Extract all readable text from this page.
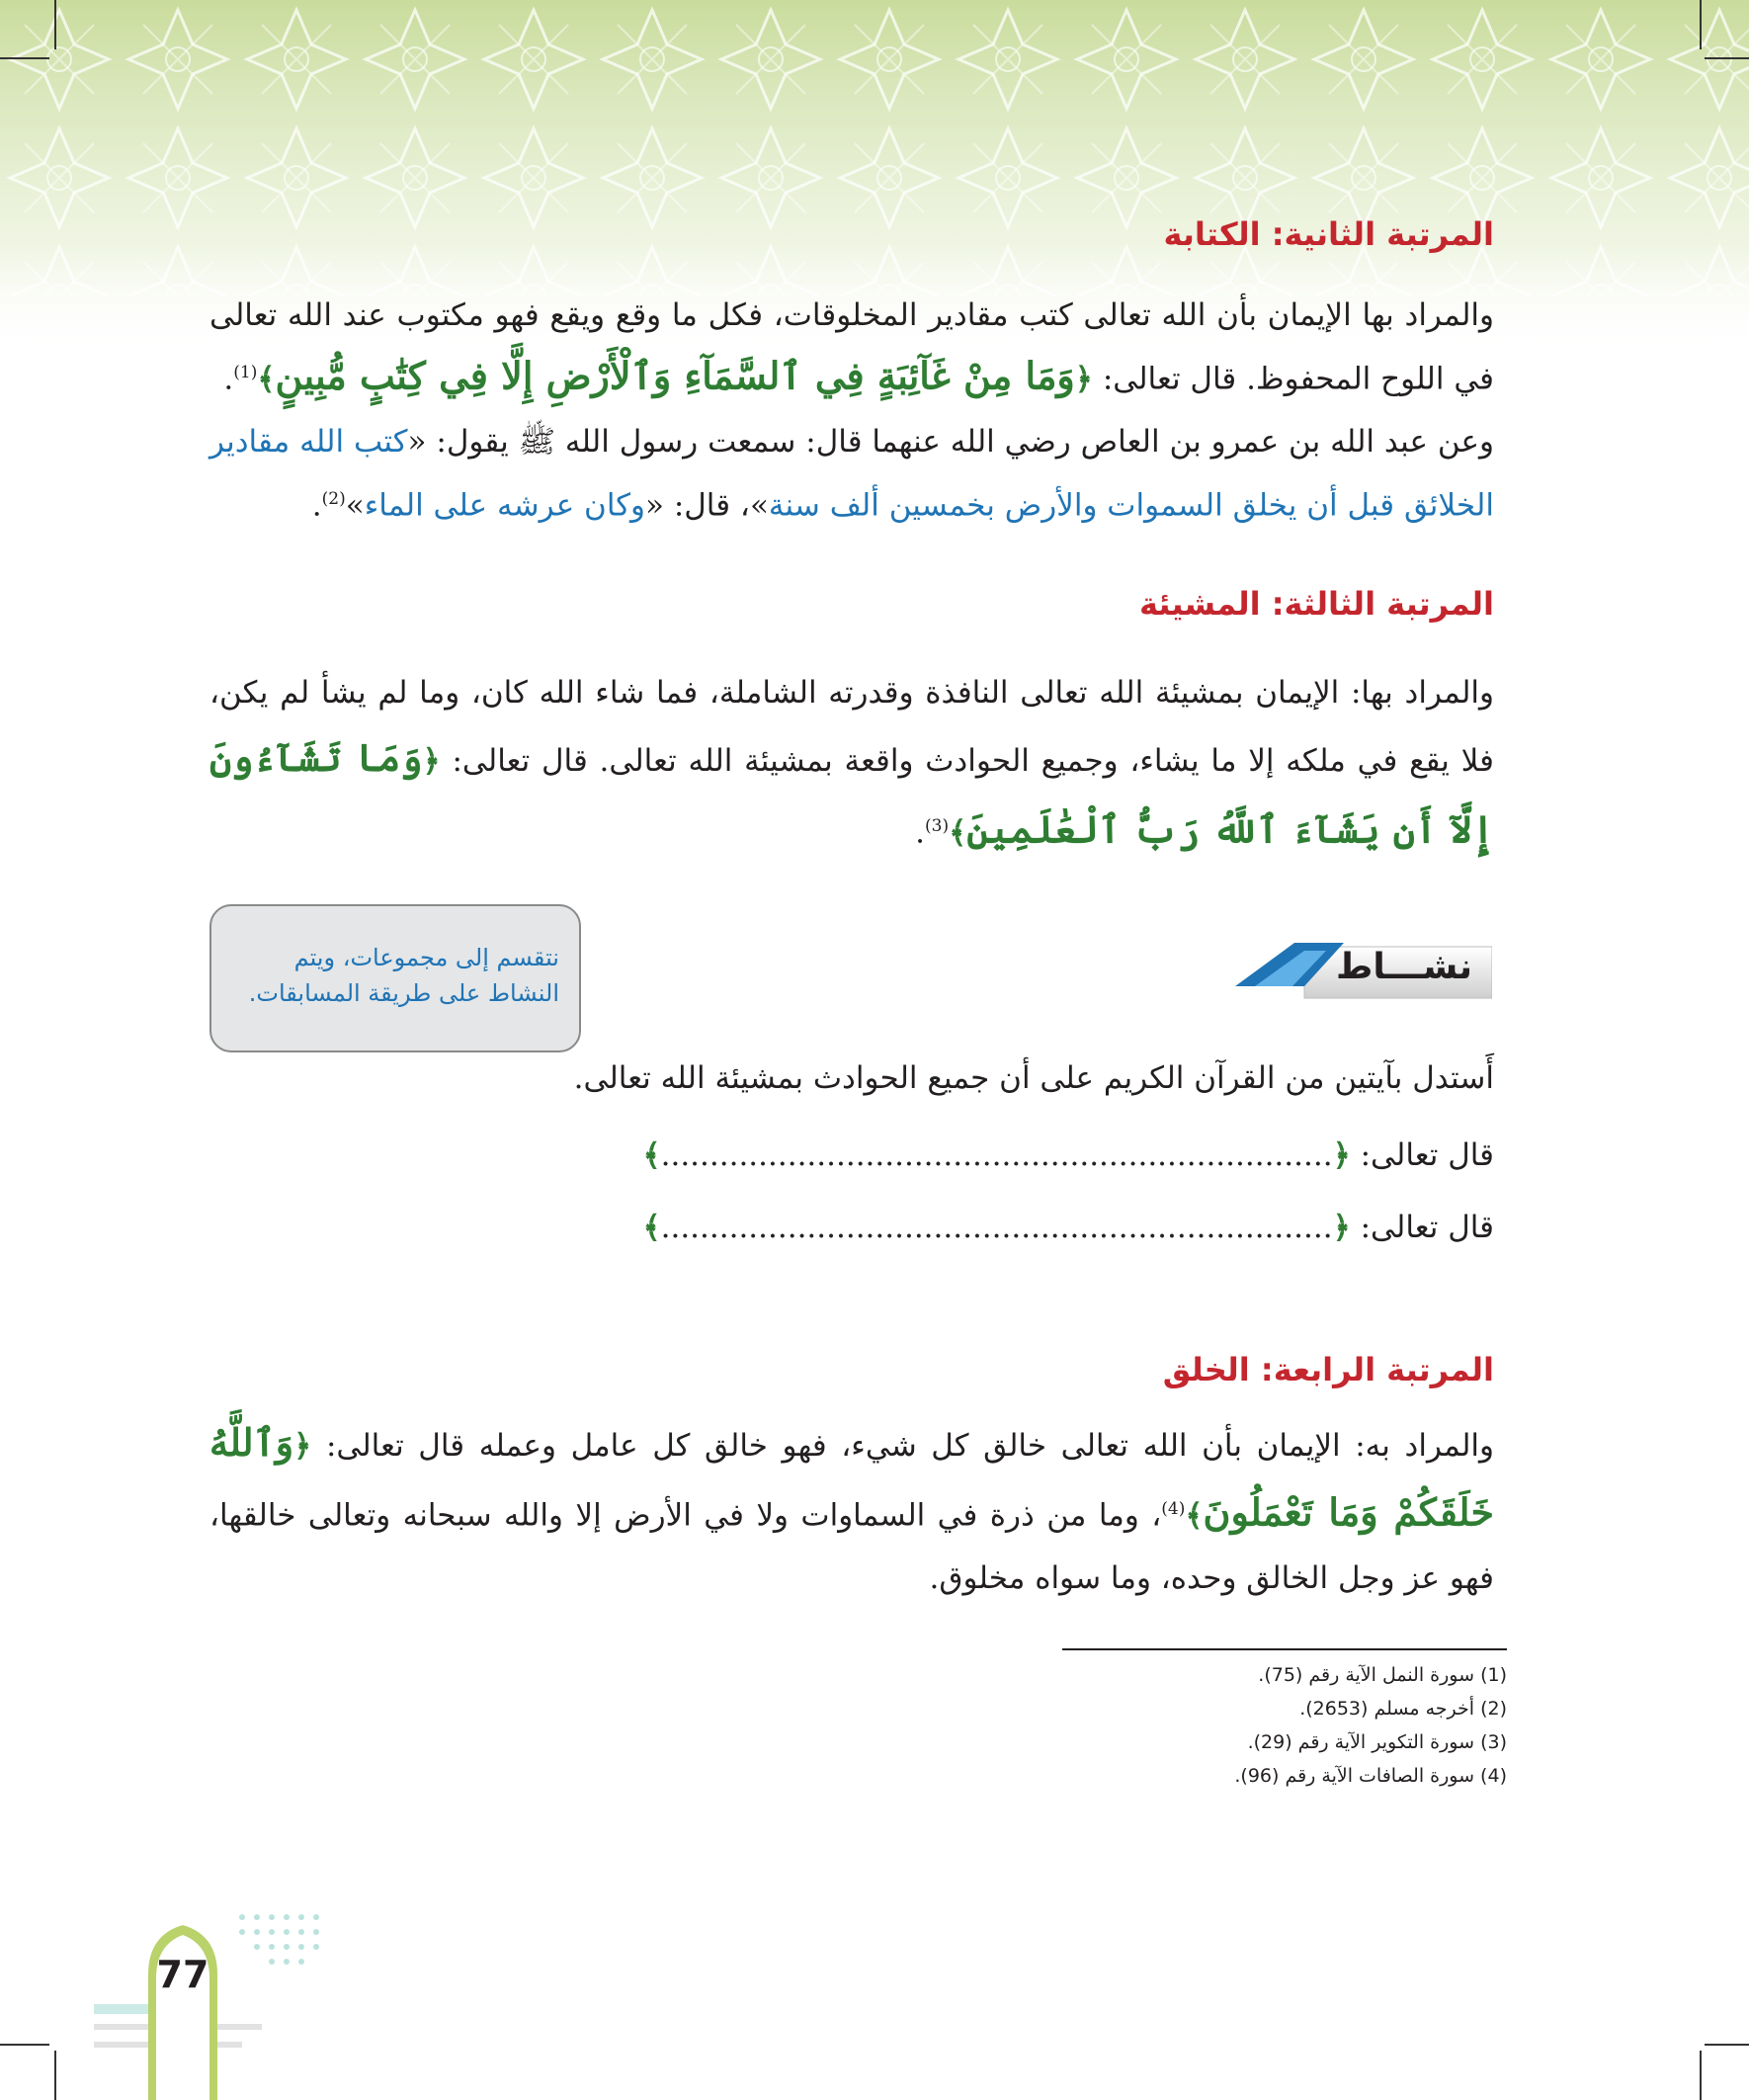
المرتبة الثانية: الكتابة
والمراد بها الإيمان بأن الله تعالى كتب مقادير المخلوقات، فكل ما وقع ويقع فهو مكتوب عند الله تعالى في اللوح المحفوظ. قال تعالى: ﴿وَمَا مِنْ غَآئِبَةٍ فِي ٱلسَّمَآءِ وَٱلْأَرْضِ إِلَّا فِي كِتَٰبٍ مُّبِينٍ﴾$^{(1)}$.
وعن عبد الله بن عمرو بن العاص رضي الله عنهما قال: سمعت رسول الله ﷺ يقول: «كتب الله مقادير الخلائق قبل أن يخلق السموات والأرض بخمسين ألف سنة»، قال: «وكان عرشه على الماء»$^{(2)}$.
المرتبة الثالثة: المشيئة
والمراد بها: الإيمان بمشيئة الله تعالى النافذة وقدرته الشاملة، فما شاء الله كان، وما لم يشأ لم يكن، فلا يقع في ملكه إلا ما يشاء، وجميع الحوادث واقعة بمشيئة الله تعالى. قال تعالى: ﴿وَمَا تَشَآءُونَ إِلَّآ أَن يَشَآءَ ٱللَّهُ رَبُّ ٱلْعَٰلَمِينَ﴾$^{(3)}$.
نشـــاط
نتقسم إلى مجموعات، ويتم النشاط على طريقة المسابقات.
أَستدل بآيتين من القرآن الكريم على أن جميع الحوادث بمشيئة الله تعالى.
قال تعالى: ﴿.....................................................................﴾
قال تعالى: ﴿.....................................................................﴾
المرتبة الرابعة: الخلق
والمراد به: الإيمان بأن الله تعالى خالق كل شيء، فهو خالق كل عامل وعمله قال تعالى: ﴿وَٱللَّهُ خَلَقَكُمْ وَمَا تَعْمَلُونَ﴾$^{(4)}$، وما من ذرة في السماوات ولا في الأرض إلا والله سبحانه وتعالى خالقها، فهو عز وجل الخالق وحده، وما سواه مخلوق.
(1) سورة النمل الآية رقم (75).
(2) أخرجه مسلم (2653).
(3) سورة التكوير الآية رقم (29).
(4) سورة الصافات الآية رقم (96).
77
